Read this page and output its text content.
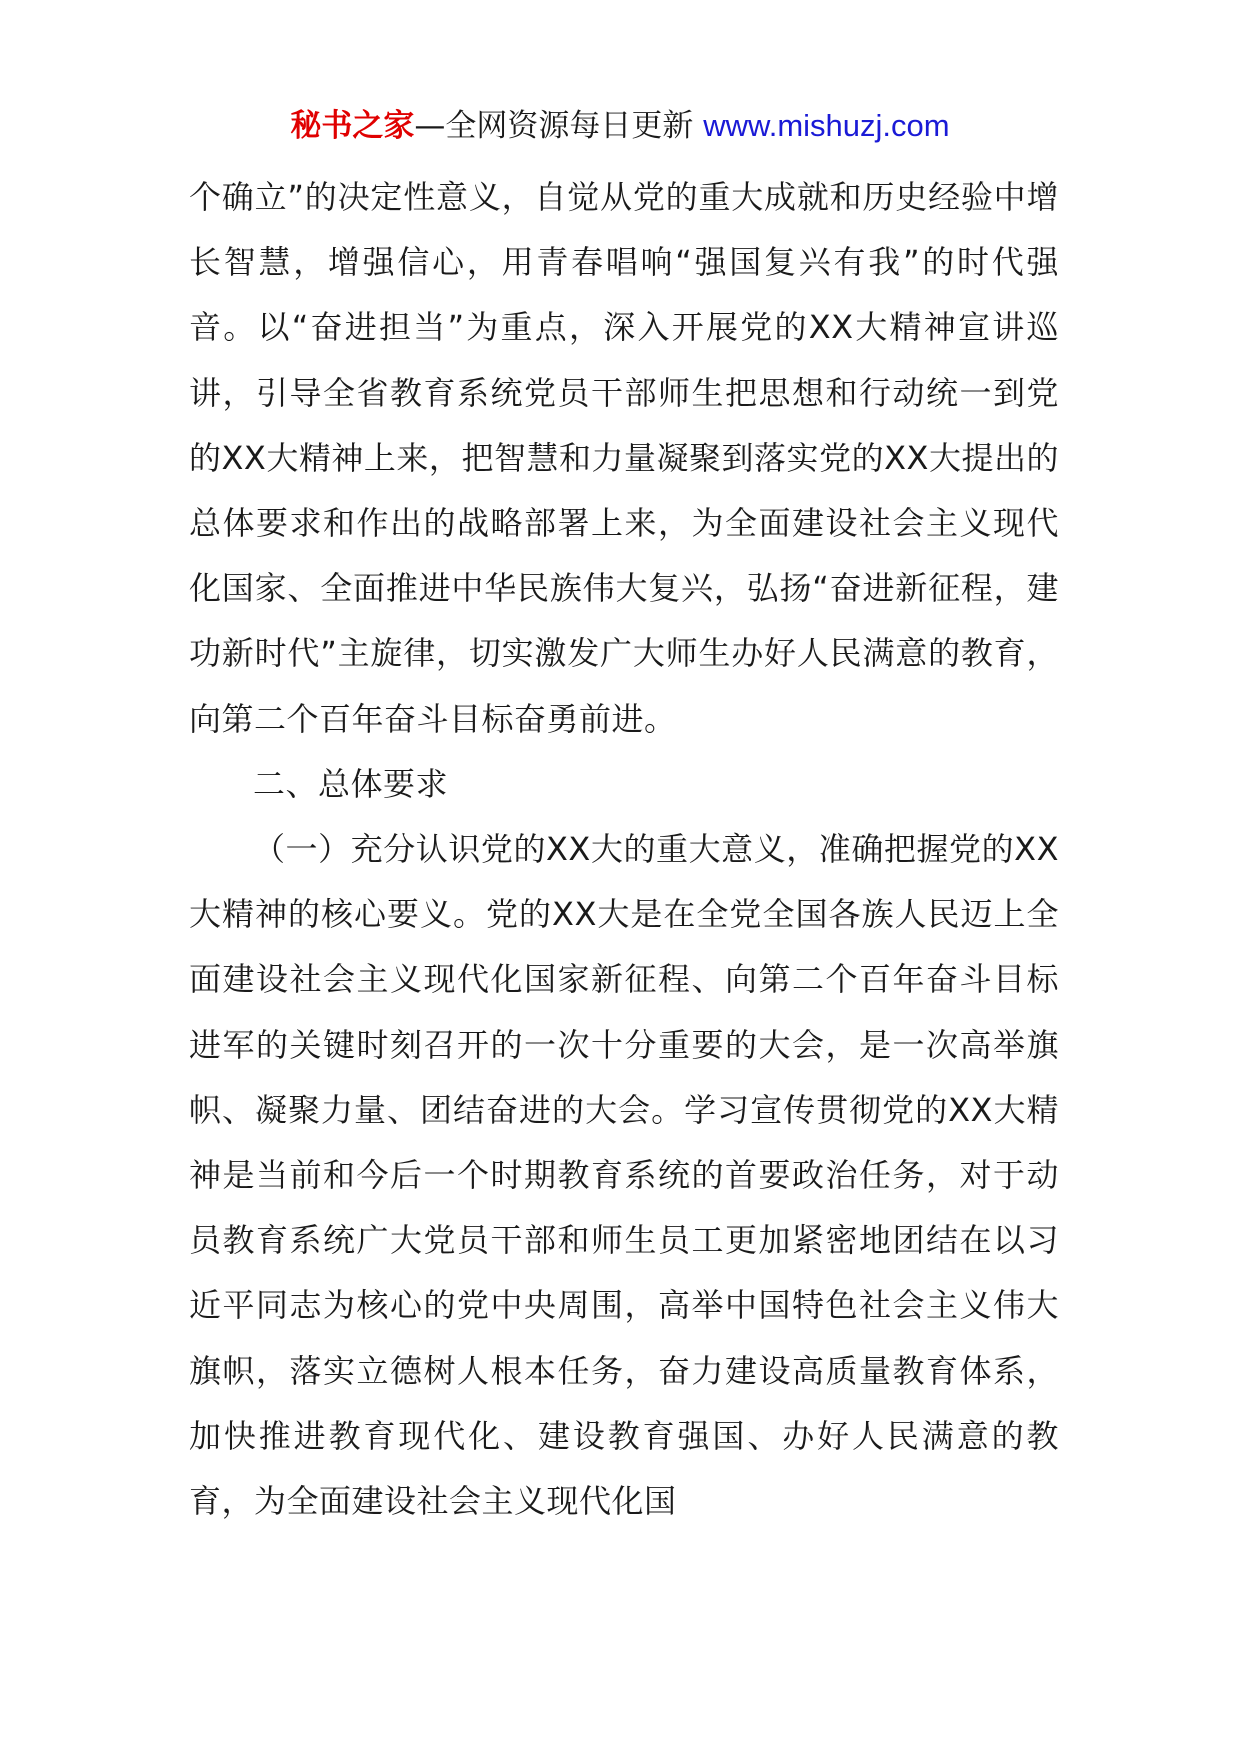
秘书之家—全网资源每日更新 www.mishuzj.com

个确立”的决定性意义，自觉从党的重大成就和历史经验中增长智慧，增强信心，用青春唱响“强国复兴有我”的时代强音。以“奋进担当”为重点，深入开展党的XX大精神宣讲巡讲，引导全省教育系统党员干部师生把思想和行动统一到党的XX大精神上来，把智慧和力量凝聚到落实党的XX大提出的总体要求和作出的战略部署上来，为全面建设社会主义现代化国家、全面推进中华民族伟大复兴，弘扬“奋进新征程，建功新时代”主旋律，切实激发广大师生办好人民满意的教育，向第二个百年奋斗目标奋勇前进。

二、总体要求

（一）充分认识党的XX大的重大意义，准确把握党的XX大精神的核心要义。党的XX大是在全党全国各族人民迈上全面建设社会主义现代化国家新征程、向第二个百年奋斗目标进军的关键时刻召开的一次十分重要的大会，是一次高举旗帜、凝聚力量、团结奋进的大会。学习宣传贯彻党的XX大精神是当前和今后一个时期教育系统的首要政治任务，对于动员教育系统广大党员干部和师生员工更加紧密地团结在以习近平同志为核心的党中央周围，高举中国特色社会主义伟大旗帜，落实立德树人根本任务，奋力建设高质量教育体系，加快推进教育现代化、建设教育强国、办好人民满意的教育，为全面建设社会主义现代化国
